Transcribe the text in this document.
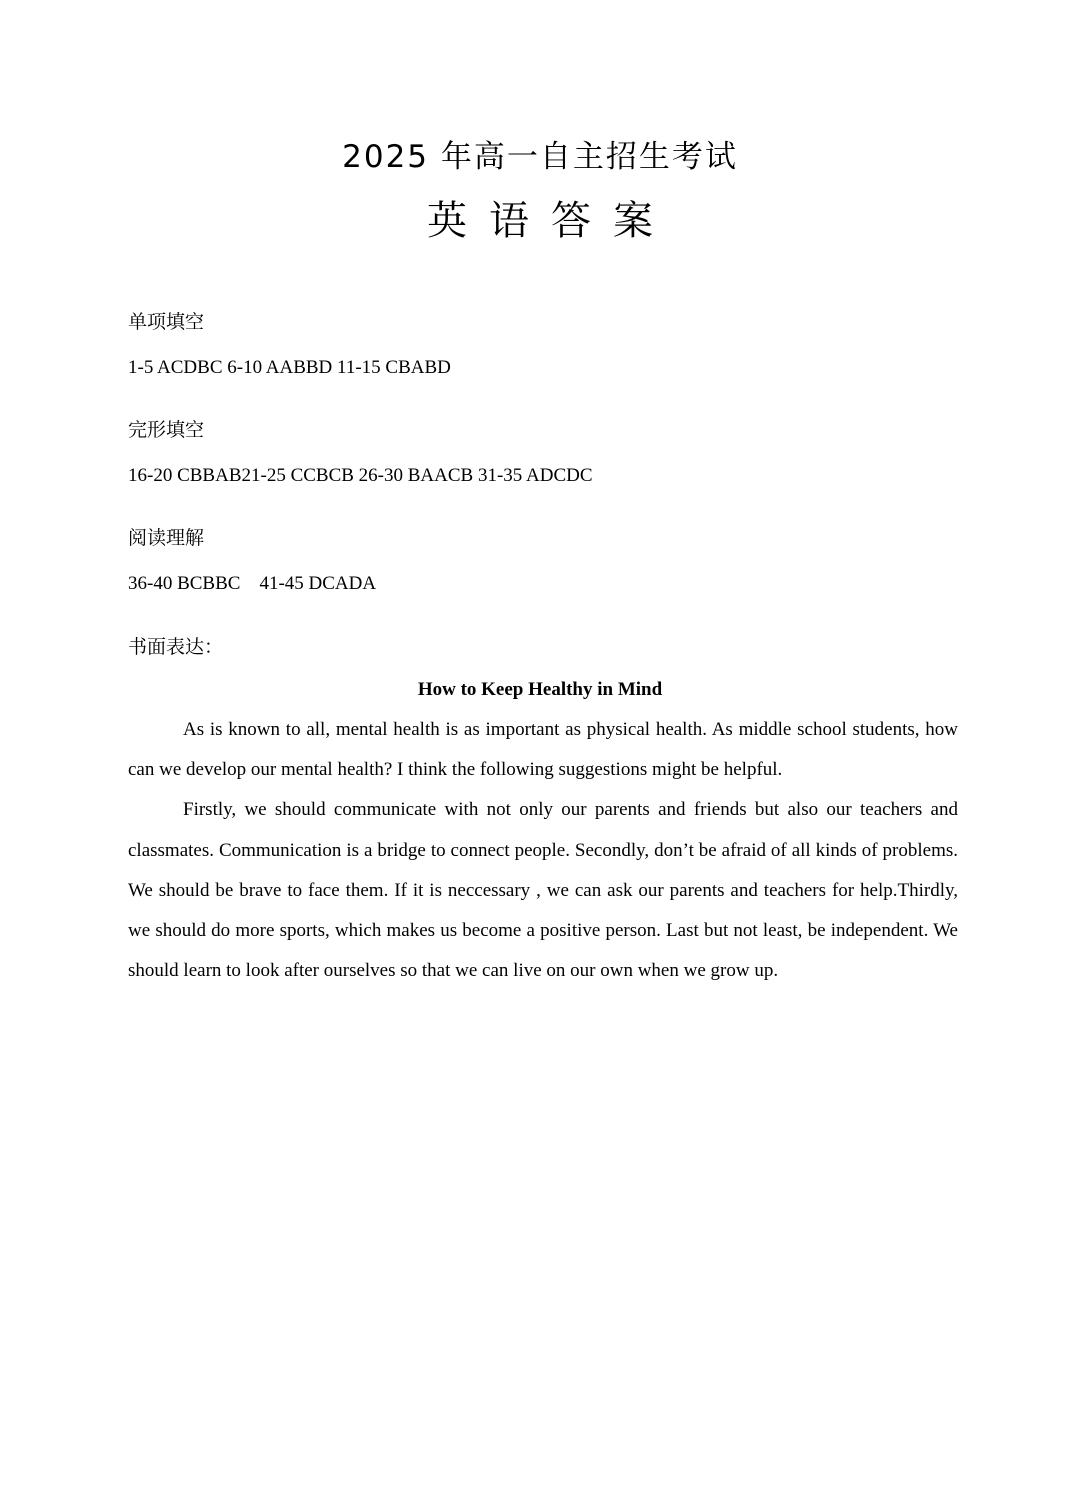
2025 年高一自主招生考试
英语答案
单项填空
1-5 ACDBC 6-10 AABBD 11-15 CBABD
完形填空
16-20 CBBAB21-25 CCBCB 26-30 BAACB 31-35 ADCDC
阅读理解
36-40 BCBBC    41-45 DCADA
书面表达：
How to Keep Healthy in Mind

As is known to all, mental health is as important as physical health. As middle school students, how can we develop our mental health? I think the following suggestions might be helpful.

Firstly, we should communicate with not only our parents and friends but also our teachers and classmates. Communication is a bridge to connect people. Secondly, don’t be afraid of all kinds of problems. We should be brave to face them. If it is neccessary , we can ask our parents and teachers for help.Thirdly, we should do more sports, which makes us become a positive person. Last but not least, be independent. We should learn to look after ourselves so that we can live on our own when we grow up.
